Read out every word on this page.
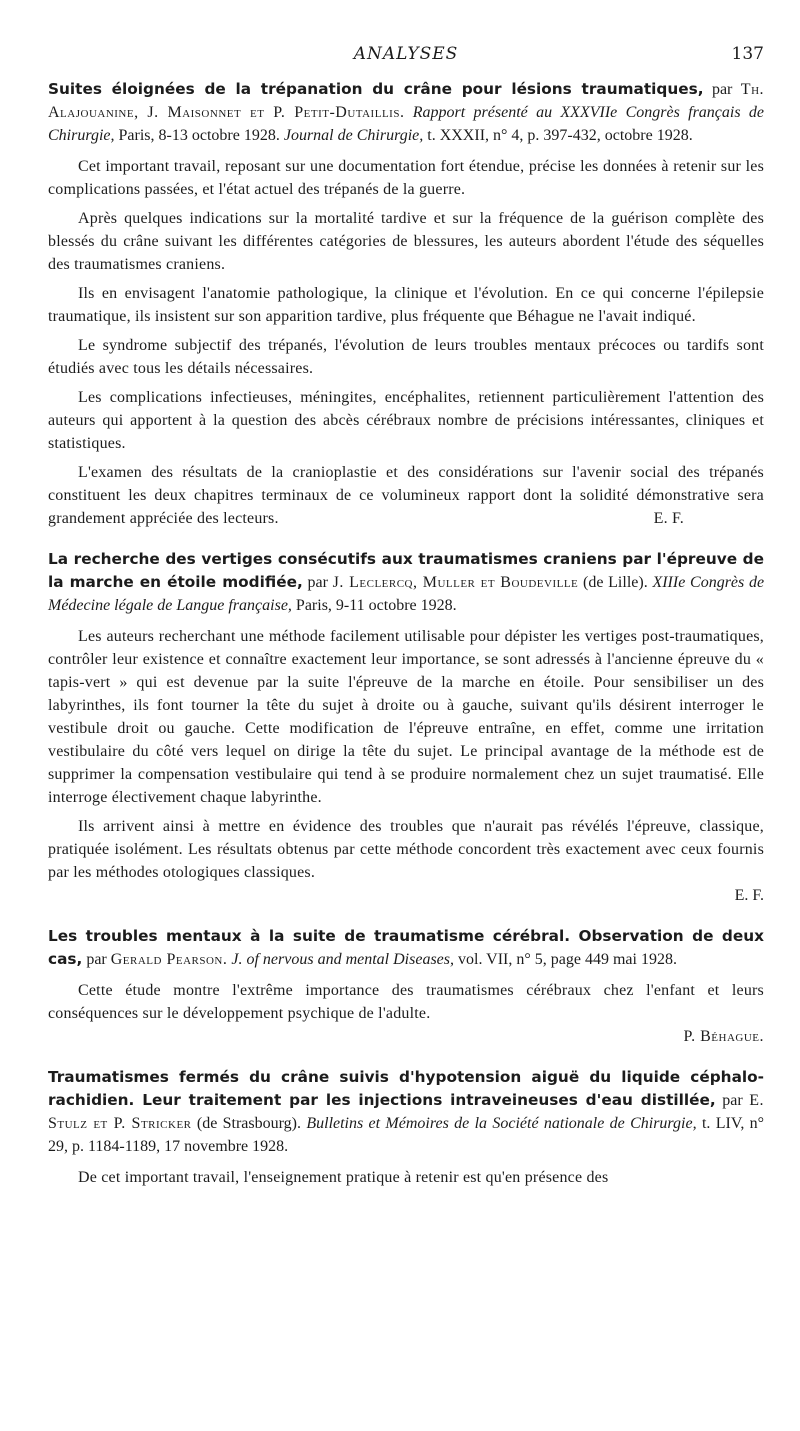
ANALYSES	137

Suites éloignées de la trépanation du crâne pour lésions traumatiques, par Th. Alajouanine, J. Maisonnet et P. Petit-Dutaillis. Rapport présenté au XXXVIIe Congrès français de Chirurgie, Paris, 8-13 octobre 1928. Journal de Chirurgie, t. XXXII, n° 4, p. 397-432, octobre 1928.

Cet important travail, reposant sur une documentation fort étendue, précise les données à retenir sur les complications passées, et l'état actuel des trépanés de la guerre.

Après quelques indications sur la mortalité tardive et sur la fréquence de la guérison complète des blessés du crâne suivant les différentes catégories de blessures, les auteurs abordent l'étude des séquelles des traumatismes craniens.

Ils en envisagent l'anatomie pathologique, la clinique et l'évolution. En ce qui concerne l'épilepsie traumatique, ils insistent sur son apparition tardive, plus fréquente que Béhague ne l'avait indiqué.

Le syndrome subjectif des trépanés, l'évolution de leurs troubles mentaux précoces ou tardifs sont étudiés avec tous les détails nécessaires.

Les complications infectieuses, méningites, encéphalites, retiennent particulièrement l'attention des auteurs qui apportent à la question des abcès cérébraux nombre de précisions intéressantes, cliniques et statistiques.

L'examen des résultats de la cranioplastie et des considérations sur l'avenir social des trépanés constituent les deux chapitres terminaux de ce volumineux rapport dont la solidité démonstrative sera grandement appréciée des lecteurs.	E. F.

La recherche des vertiges consécutifs aux traumatismes craniens par l'épreuve de la marche en étoile modifiée, par J. Leclercq, Muller et Boudeville (de Lille). XIIIe Congrès de Médecine légale de Langue française, Paris, 9-11 octobre 1928.

Les auteurs recherchant une méthode facilement utilisable pour dépister les vertiges post-traumatiques, contrôler leur existence et connaître exactement leur importance, se sont adressés à l'ancienne épreuve du « tapis-vert » qui est devenue par la suite l'épreuve de la marche en étoile. Pour sensibiliser un des labyrinthes, ils font tourner la tête du sujet à droite ou à gauche, suivant qu'ils désirent interroger le vestibule droit ou gauche. Cette modification de l'épreuve entraîne, en effet, comme une irritation vestibulaire du côté vers lequel on dirige la tête du sujet. Le principal avantage de la méthode est de supprimer la compensation vestibulaire qui tend à se produire normalement chez un sujet traumatisé. Elle interroge électivement chaque labyrinthe.

Ils arrivent ainsi à mettre en évidence des troubles que n'aurait pas révélés l'épreuve, classique, pratiquée isolément. Les résultats obtenus par cette méthode concordent très exactement avec ceux fournis par les méthodes otologiques classiques.

E. F.

Les troubles mentaux à la suite de traumatisme cérébral. Observation de deux cas, par Gerald Pearson. J. of nervous and mental Diseases, vol. VII, n° 5, page 449 mai 1928.

Cette étude montre l'extrême importance des traumatismes cérébraux chez l'enfant et leurs conséquences sur le développement psychique de l'adulte.

P. Béhague.

Traumatismes fermés du crâne suivis d'hypotension aiguë du liquide céphalo-rachidien. Leur traitement par les injections intraveineuses d'eau distillée, par E. Stulz et P. Stricker (de Strasbourg). Bulletins et Mémoires de la Société nationale de Chirurgie, t. LIV, n° 29, p. 1184-1189, 17 novembre 1928.

De cet important travail, l'enseignement pratique à retenir est qu'en présence des
